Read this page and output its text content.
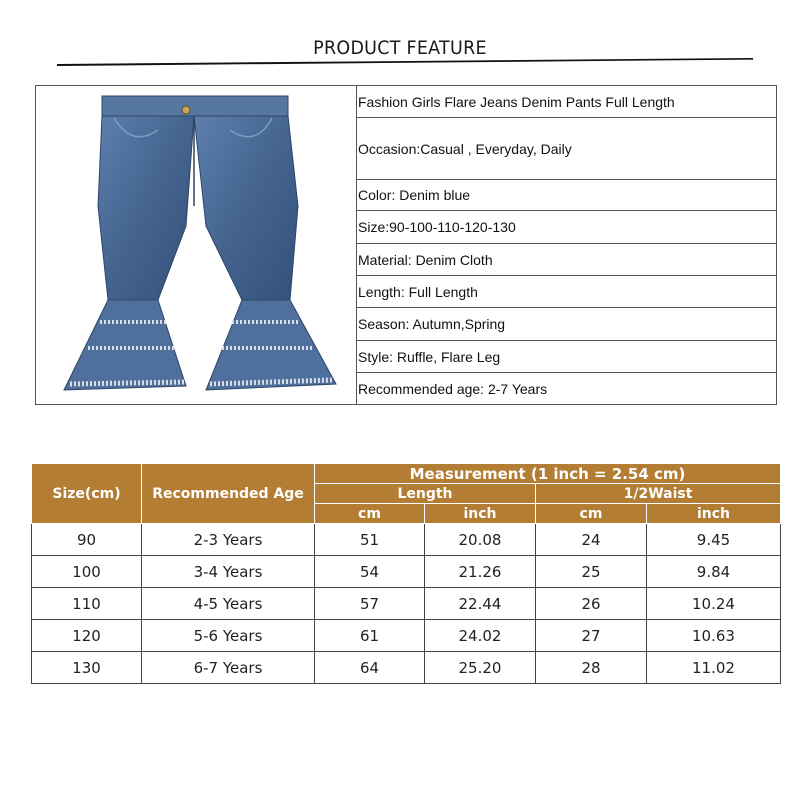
PRODUCT FEATURE
Fashion Girls Flare Jeans Denim Pants Full Length
Occasion:Casual , Everyday, Daily
Color: Denim blue
Size:90-100-110-120-130
Material: Denim Cloth
Length: Full Length
Season: Autumn,Spring
Style: Ruffle, Flare Leg
Recommended age: 2-7 Years
Size(cm)	Recommended Age	Measurement (1 inch = 2.54 cm)			
		Length		1/2Waist	
		cm	inch	cm	inch
90	2-3 Years	51	20.08	24	9.45
100	3-4 Years	54	21.26	25	9.84
110	4-5 Years	57	22.44	26	10.24
120	5-6 Years	61	24.02	27	10.63
130	6-7 Years	64	25.20	28	11.02
